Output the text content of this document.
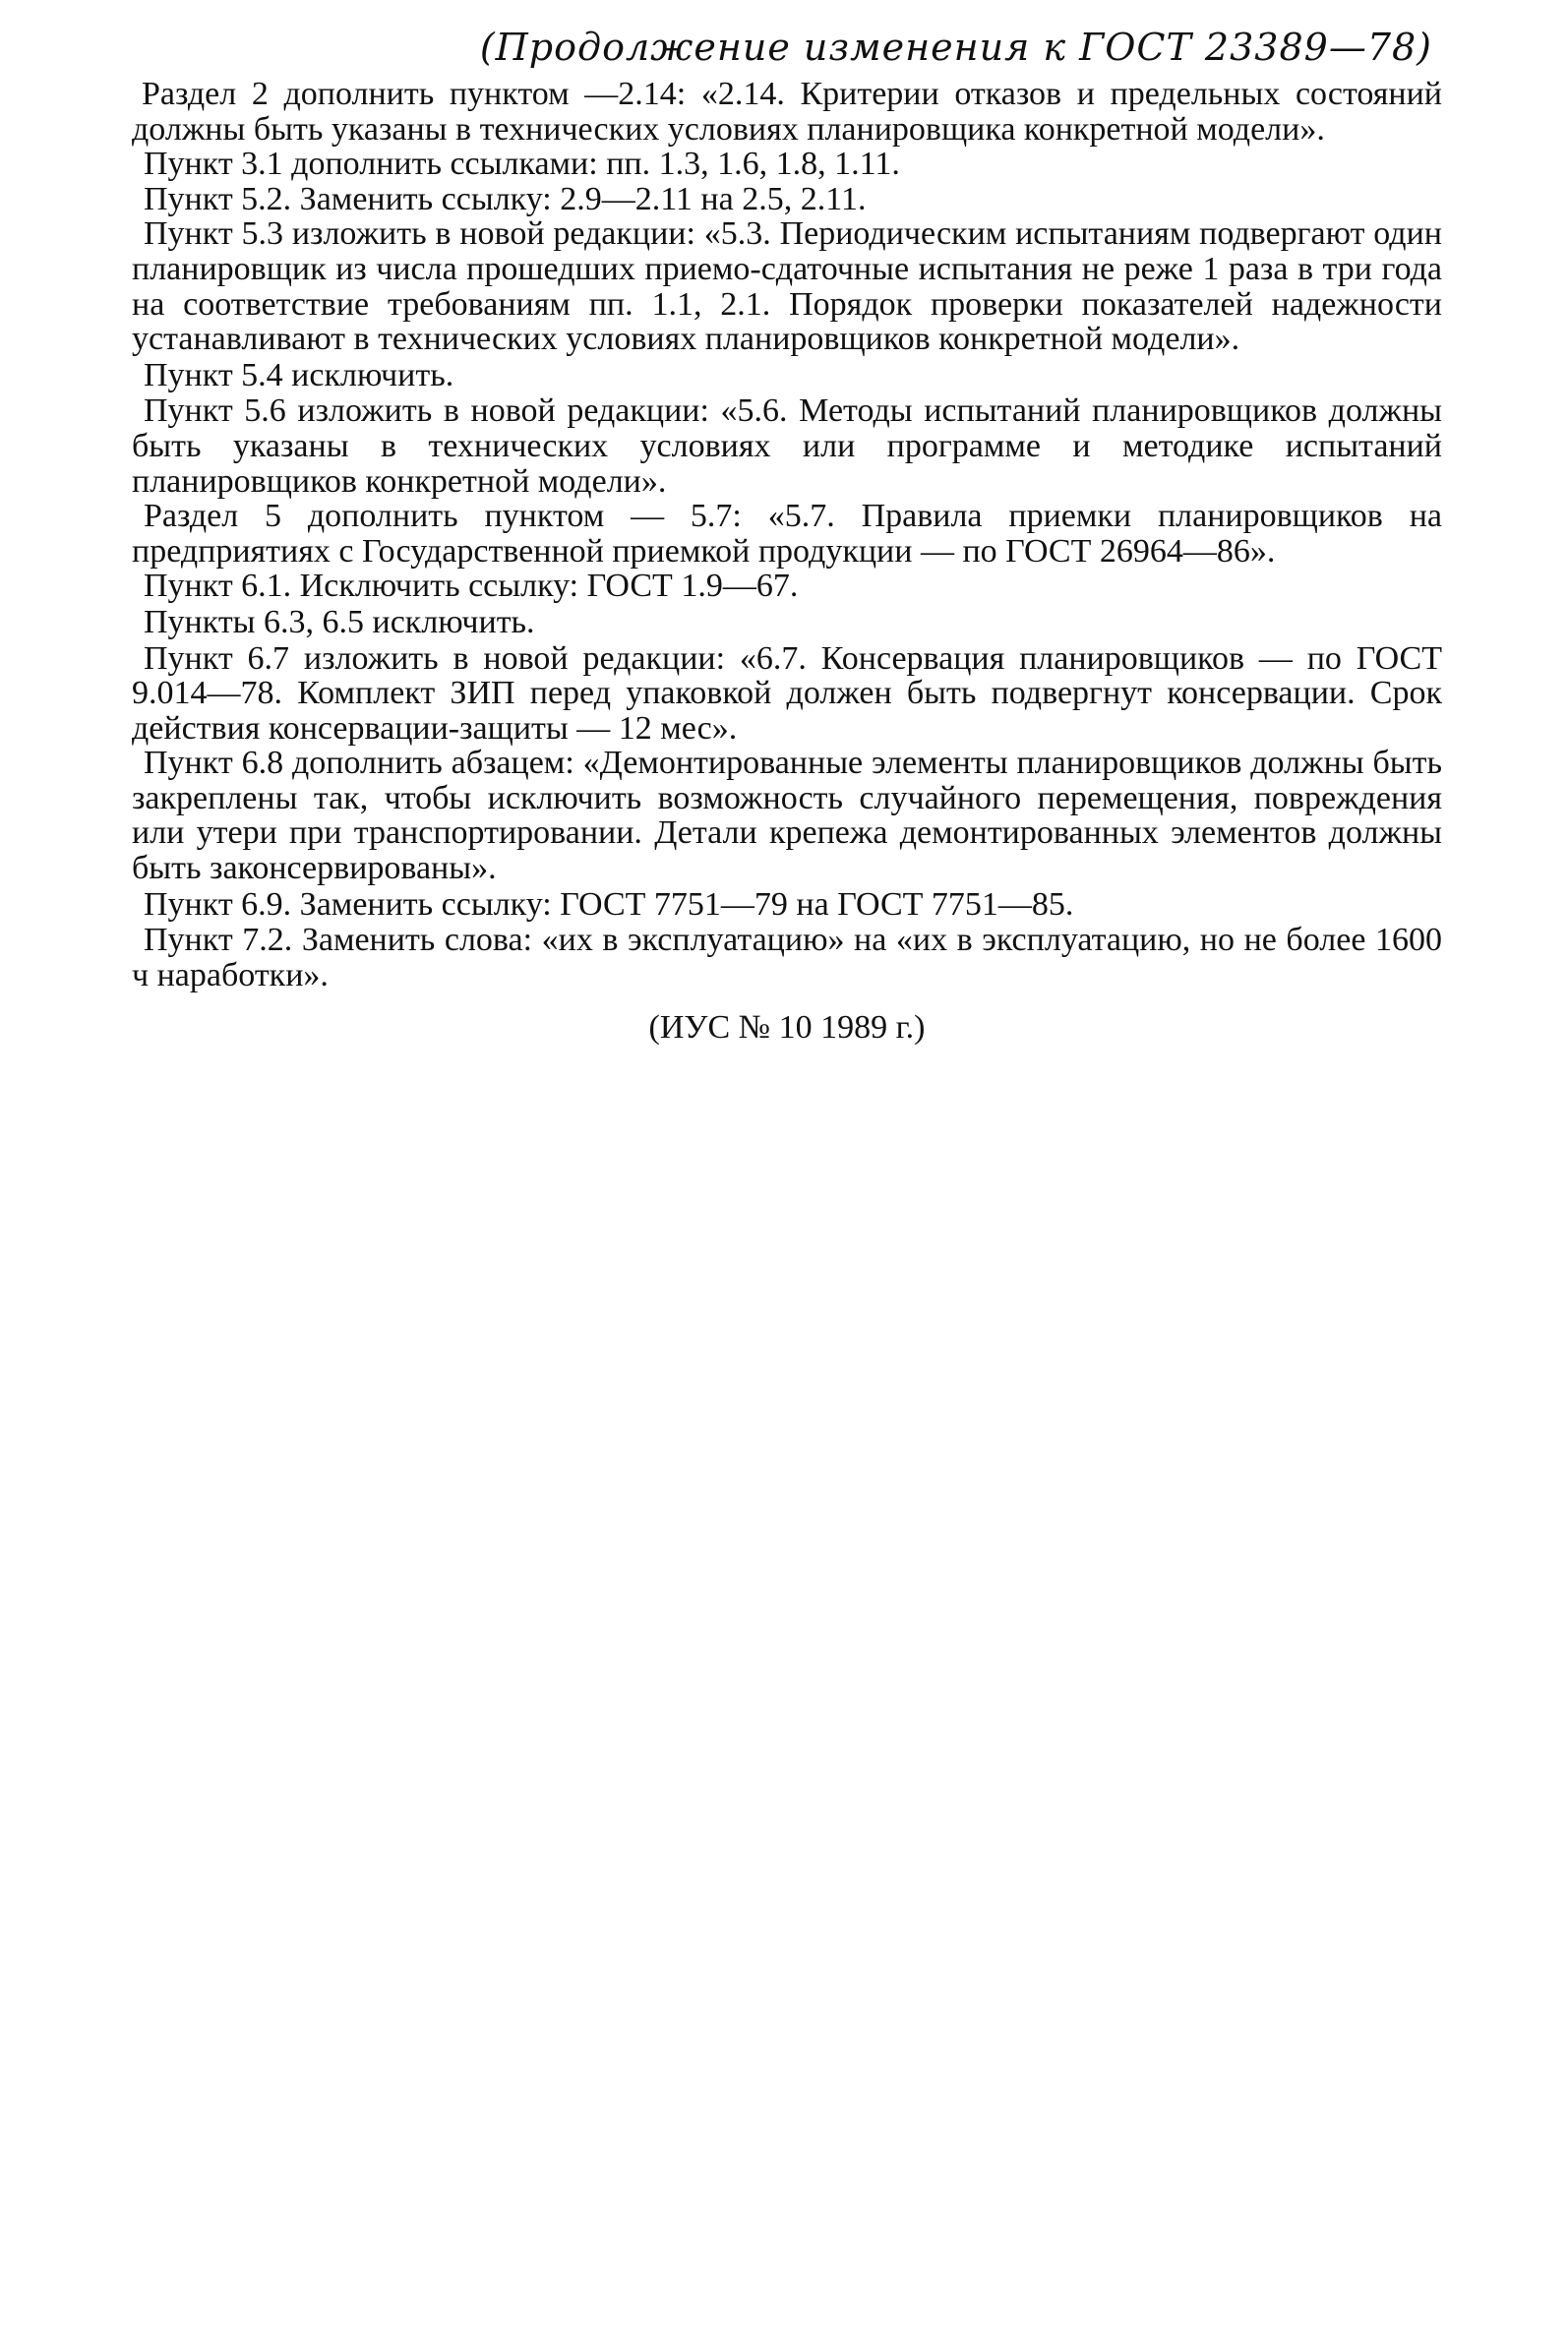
(Продолжение изменения к ГОСТ 23389—78)

Раздел 2 дополнить пунктом —2.14: «2.14. Критерии отказов и предельных состояний должны быть указаны в технических условиях планировщика конкретной модели».

Пункт 3.1 дополнить ссылками: пп. 1.3, 1.6, 1.8, 1.11.

Пункт 5.2. Заменить ссылку: 2.9—2.11 на 2.5, 2.11.

Пункт 5.3 изложить в новой редакции: «5.3. Периодическим испытаниям подвергают один планировщик из числа прошедших приемо-сдаточные испытания не реже 1 раза в три года на соответствие требованиям пп. 1.1, 2.1. Порядок проверки показателей надежности устанавливают в технических условиях планировщиков конкретной модели».

Пункт 5.4 исключить.

Пункт 5.6 изложить в новой редакции: «5.6. Методы испытаний планировщиков должны быть указаны в технических условиях или программе и методике испытаний планировщиков конкретной модели».

Раздел 5 дополнить пунктом — 5.7: «5.7. Правила приемки планировщиков на предприятиях с Государственной приемкой продукции — по ГОСТ 26964—86».

Пункт 6.1. Исключить ссылку: ГОСТ 1.9—67.

Пункты 6.3, 6.5 исключить.

Пункт 6.7 изложить в новой редакции: «6.7. Консервация планировщиков — по ГОСТ 9.014—78. Комплект ЗИП перед упаковкой должен быть подвергнут консервации. Срок действия консервации-защиты — 12 мес».

Пункт 6.8 дополнить абзацем: «Демонтированные элементы планировщиков должны быть закреплены так, чтобы исключить возможность случайного перемещения, повреждения или утери при транспортировании. Детали крепежа демонтированных элементов должны быть законсервированы».

Пункт 6.9. Заменить ссылку: ГОСТ 7751—79 на ГОСТ 7751—85.

Пункт 7.2. Заменить слова: «их в эксплуатацию» на «их в эксплуатацию, но не более 1600 ч наработки».

(ИУС № 10 1989 г.)
